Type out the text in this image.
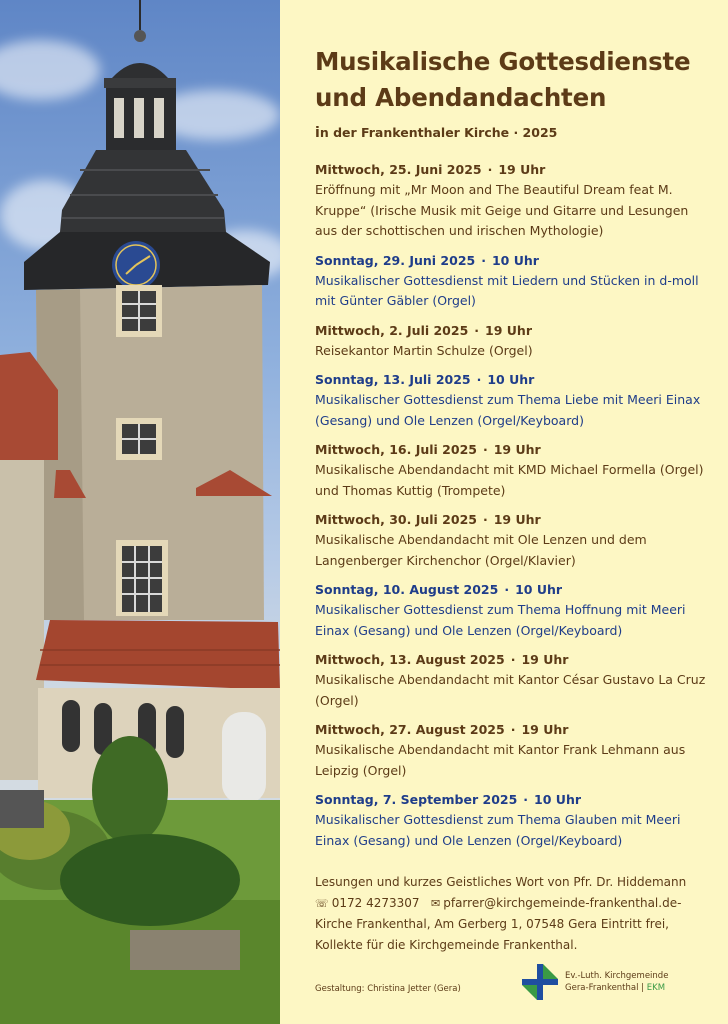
Musikalische Gottesdienste
und Abendandachten
in der Frankenthaler Kirche · 2025
Mittwoch, 25. Juni 2025 · 19 Uhr
Eröffnung mit „Mr Moon and The Beautiful Dream feat M. Kruppe“ (Irische Musik mit Geige und Gitarre und Lesungen aus der schottischen und irischen Mythologie)
Sonntag, 29. Juni 2025 · 10 Uhr
Musikalischer Gottesdienst mit Liedern und Stücken in d-moll mit Günter Gäbler (Orgel)
Mittwoch, 2. Juli 2025 · 19 Uhr
Reisekantor Martin Schulze (Orgel)
Sonntag, 13. Juli 2025 · 10 Uhr
Musikalischer Gottesdienst zum Thema Liebe mit Meeri Einax (Gesang) und Ole Lenzen (Orgel/Keyboard)
Mittwoch, 16. Juli 2025 · 19 Uhr
Musikalische Abendandacht mit KMD Michael Formella (Orgel) und Thomas Kuttig (Trompete)
Mittwoch, 30. Juli 2025 · 19 Uhr
Musikalische Abendandacht mit Ole Lenzen und dem Langenberger Kirchenchor (Orgel/Klavier)
Sonntag, 10. August 2025 · 10 Uhr
Musikalischer Gottesdienst zum Thema Hoffnung mit Meeri Einax (Gesang) und Ole Lenzen (Orgel/Keyboard)
Mittwoch, 13. August 2025 · 19 Uhr
Musikalische Abendandacht mit Kantor César Gustavo La Cruz (Orgel)
Mittwoch, 27. August 2025 · 19 Uhr
Musikalische Abendandacht mit Kantor Frank Lehmann aus Leipzig (Orgel)
Sonntag, 7. September 2025 · 10 Uhr
Musikalischer Gottesdienst zum Thema Glauben mit Meeri Einax (Gesang) und Ole Lenzen (Orgel/Keyboard)
Lesungen und kurzes Geistliches Wort von Pfr. Dr. Hiddemann
☏ 0172 4273307 ✉ pfarrer@kirchgemeinde-frankenthal.de-
Kirche Frankenthal, Am Gerberg 1, 07548 Gera Eintritt frei,
Kollekte für die Kirchgemeinde Frankenthal.
Gestaltung: Christina Jetter (Gera)
Ev.-Luth. Kirchgemeinde
Gera-Frankenthal | EKM
